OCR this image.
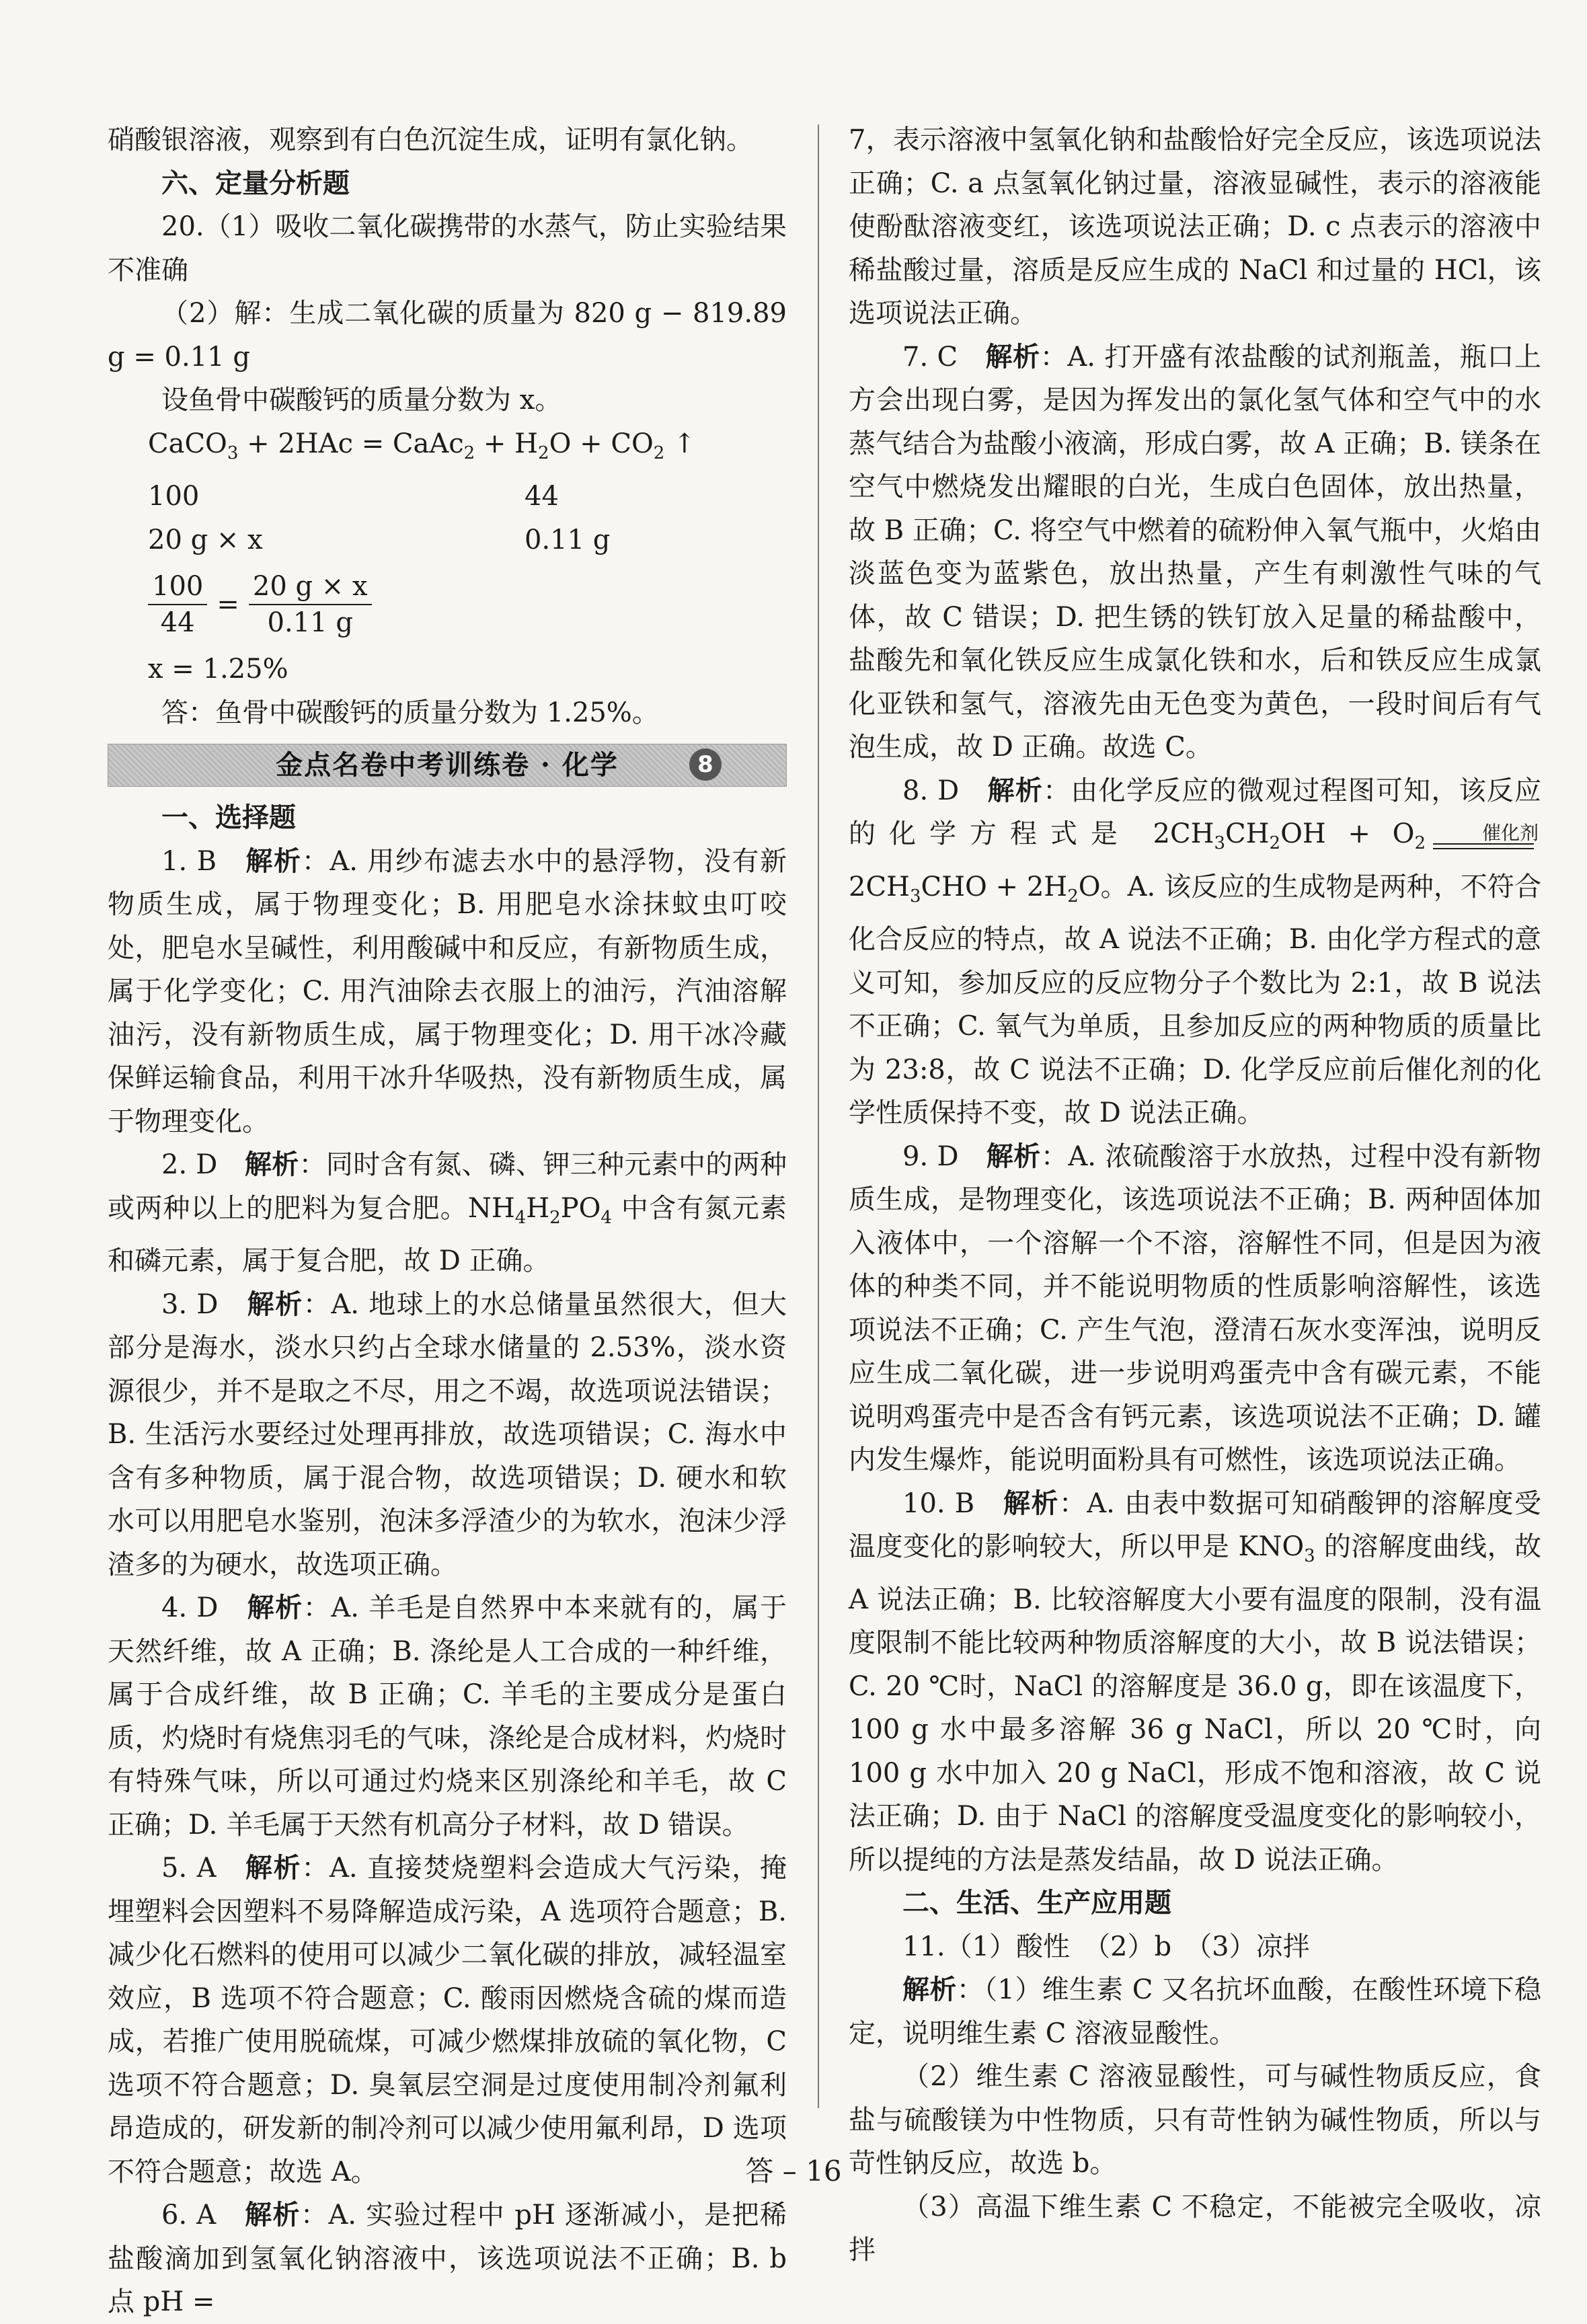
硝酸银溶液，观察到有白色沉淀生成，证明有氯化钠。

六、定量分析题

20.（1）吸收二氧化碳携带的水蒸气，防止实验结果不准确

（2）解：生成二氧化碳的质量为 820 g − 819.89 g = 0.11 g

设鱼骨中碳酸钙的质量分数为 x。

CaCO$_3$ + 2HAc = CaAc$_2$ + $H_2O + CO_2$ ↑

100	44

20 g × x	0.11 g

$\frac{100}{44} = \frac{20 g \times x}{0.11 g}$

x = 1.25%

答：鱼骨中碳酸钙的质量分数为 1.25%。

金点名卷中考训练卷 · 化学	8

一、选择题

1. B　 解析：A. 用纱布滤去水中的悬浮物，没有新物质生成，属于物理变化；B. 用肥皂水涂抹蚊虫叮咬处，肥皂水呈碱性，利用酸碱中和反应，有新物质生成，属于化学变化；C. 用汽油除去衣服上的油污，汽油溶解油污，没有新物质生成，属于物理变化；D. 用干冰冷藏保鲜运输食品，利用干冰升华吸热，没有新物质生成，属于物理变化。

2. D　 解析：同时含有氮、磷、钾三种元素中的两种或两种以上的肥料为复合肥。$NH_4H_2PO_4$ 中含有氮元素和磷元素，属于复合肥，故 D 正确。

3. D　 解析：A. 地球上的水总储量虽然很大，但大部分是海水，淡水只约占全球水储量的 2.53%，淡水资源很少，并不是取之不尽，用之不竭，故选项说法错误；B. 生活污水要经过处理再排放，故选项错误；C. 海水中含有多种物质，属于混合物，故选项错误；D. 硬水和软水可以用肥皂水鉴别，泡沫多浮渣少的为软水，泡沫少浮渣多的为硬水，故选项正确。

4. D　 解析：A. 羊毛是自然界中本来就有的，属于天然纤维，故 A 正确；B. 涤纶是人工合成的一种纤维，属于合成纤维，故 B 正确；C. 羊毛的主要成分是蛋白质，灼烧时有烧焦羽毛的气味，涤纶是合成材料，灼烧时有特殊气味，所以可通过灼烧来区别涤纶和羊毛，故 C 正确；D. 羊毛属于天然有机高分子材料，故 D 错误。

5. A　 解析：A. 直接焚烧塑料会造成大气污染，掩埋塑料会因塑料不易降解造成污染，A 选项符合题意；B. 减少化石燃料的使用可以减少二氧化碳的排放，减轻温室效应，B 选项不符合题意；C. 酸雨因燃烧含硫的煤而造成，若推广使用脱硫煤，可减少燃煤排放硫的氧化物，C 选项不符合题意；D. 臭氧层空洞是过度使用制冷剂氟利昂造成的，研发新的制冷剂可以减少使用氟利昂，D 选项不符合题意；故选 A。

6. A　 解析：A. 实验过程中 pH 逐渐减小，是把稀盐酸滴加到氢氧化钠溶液中，该选项说法不正确；B. b 点 pH =

7，表示溶液中氢氧化钠和盐酸恰好完全反应，该选项说法正确；C. a 点氢氧化钠过量，溶液显碱性，表示的溶液能使酚酞溶液变红，该选项说法正确；D. c 点表示的溶液中稀盐酸过量，溶质是反应生成的 NaCl 和过量的 HCl，该选项说法正确。

7. C　 解析：A. 打开盛有浓盐酸的试剂瓶盖，瓶口上方会出现白雾，是因为挥发出的氯化氢气体和空气中的水蒸气结合为盐酸小液滴，形成白雾，故 A 正确；B. 镁条在空气中燃烧发出耀眼的白光，生成白色固体，放出热量，故 B 正确；C. 将空气中燃着的硫粉伸入氧气瓶中，火焰由淡蓝色变为蓝紫色，放出热量，产生有刺激性气味的气体，故 C 错误；D. 把生锈的铁钉放入足量的稀盐酸中，盐酸先和氧化铁反应生成氯化铁和水，后和铁反应生成氯化亚铁和氢气，溶液先由无色变为黄色，一段时间后有气泡生成，故 D 正确。故选 C。

8. D　 解析：由化学反应的微观过程图可知，该反应的化学方程式是 $2CH_3CH_2OH + O_2$	催化剂
$2CH_3CHO + 2H_2O$。A. 该反应的生成物是两种，不符合化合反应的特点，故 A 说法不正确；B. 由化学方程式的意义可知，参加反应的反应物分子个数比为 2:1，故 B 说法不正确；C. 氧气为单质，且参加反应的两种物质的质量比为 23:8，故 C 说法不正确；D. 化学反应前后催化剂的化学性质保持不变，故 D 说法正确。

9. D　 解析：A. 浓硫酸溶于水放热，过程中没有新物质生成，是物理变化，该选项说法不正确；B. 两种固体加入液体中，一个溶解一个不溶，溶解性不同，但是因为液体的种类不同，并不能说明物质的性质影响溶解性，该选项说法不正确；C. 产生气泡，澄清石灰水变浑浊，说明反应生成二氧化碳，进一步说明鸡蛋壳中含有碳元素，不能说明鸡蛋壳中是否含有钙元素，该选项说法不正确；D. 罐内发生爆炸，能说明面粉具有可燃性，该选项说法正确。

10. B　 解析：A. 由表中数据可知硝酸钾的溶解度受温度变化的影响较大，所以甲是 $KNO_3$ 的溶解度曲线，故 A 说法正确；B. 比较溶解度大小要有温度的限制，没有温度限制不能比较两种物质溶解度的大小，故 B 说法错误；C. 20 ℃时，NaCl 的溶解度是 36.0 g，即在该温度下，100 g 水中最多溶解 36 g NaCl，所以 20 ℃时，向 100 g 水中加入 20 g NaCl，形成不饱和溶液，故 C 说法正确；D. 由于 NaCl 的溶解度受温度变化的影响较小，所以提纯的方法是蒸发结晶，故 D 说法正确。

二、生活、生产应用题

11.（1）酸性　（2）b　（3）凉拌

解析：（1）维生素 C 又名抗坏血酸，在酸性环境下稳定，说明维生素 C 溶液显酸性。

（2）维生素 C 溶液显酸性，可与碱性物质反应，食盐与硫酸镁为中性物质，只有苛性钠为碱性物质，所以与苛性钠反应，故选 b。

（3）高温下维生素 C 不稳定，不能被完全吸收，凉拌

答 – 16
